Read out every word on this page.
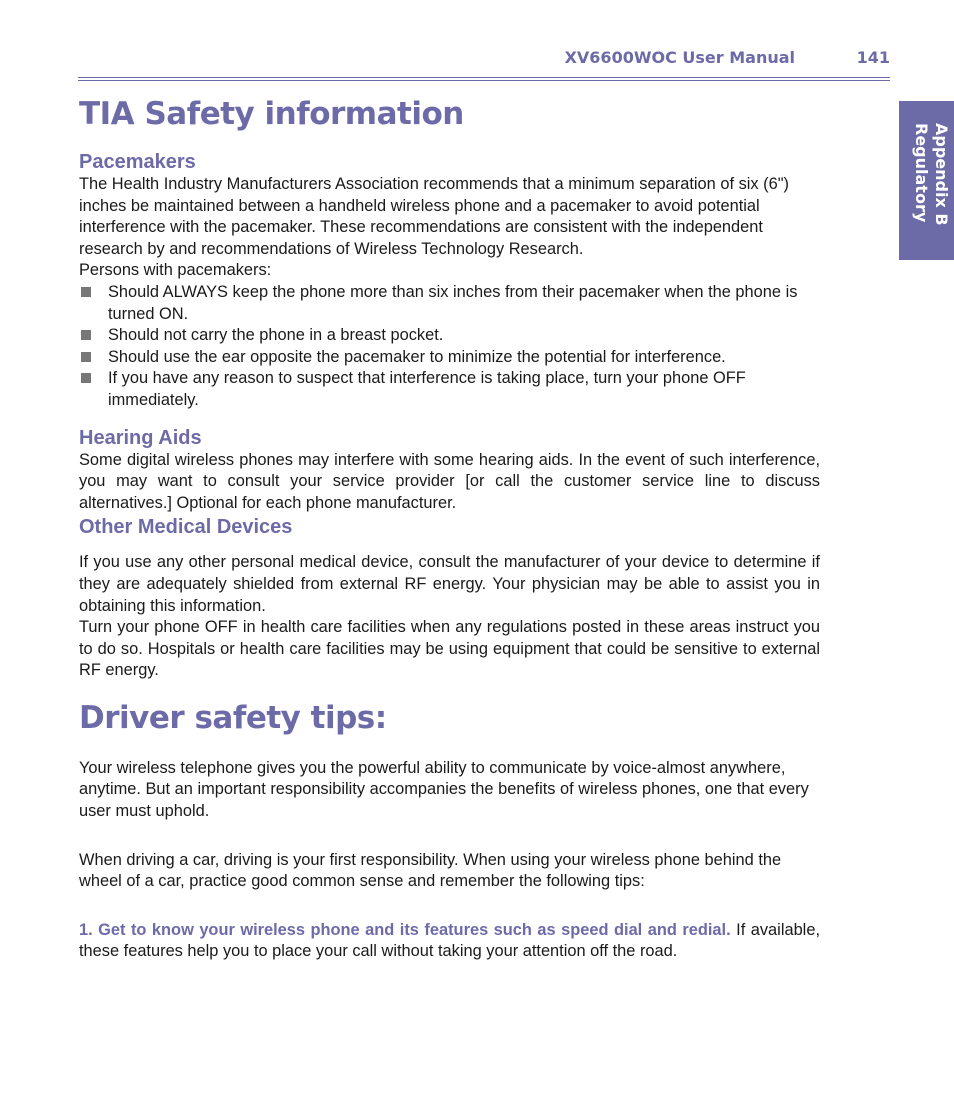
XV6600WOC User Manual	141
Appendix B
Regulatory
TIA Safety information
Pacemakers

The Health Industry Manufacturers Association recommends that a minimum separation of six (6") inches be maintained between a handheld wireless phone and a pacemaker to avoid potential interference with the pacemaker. These recommendations are consistent with the independent research by and recommendations of Wireless Technology Research.

Persons with pacemakers:

Should ALWAYS keep the phone more than six inches from their pacemaker when the phone is turned ON.
Should not carry the phone in a breast pocket.
Should use the ear opposite the pacemaker to minimize the potential for interference.
If you have any reason to suspect that interference is taking place, turn your phone OFF immediately.
Hearing Aids

Some digital wireless phones may interfere with some hearing aids. In the event of such interference, you may want to consult your service provider [or call the customer service line to discuss alternatives.] Optional for each phone manufacturer.

Other Medical Devices

If you use any other personal medical device, consult the manufacturer of your device to determine if they are adequately shielded from external RF energy. Your physician may be able to assist you in obtaining this information.

Turn your phone OFF in health care facilities when any regulations posted in these areas instruct you to do so. Hospitals or health care facilities may be using equipment that could be sensitive to external RF energy.

Driver safety tips:

Your wireless telephone gives you the powerful ability to communicate by voice-almost anywhere, anytime. But an important responsibility accompanies the benefits of wireless phones, one that every user must uphold.

When driving a car, driving is your first responsibility. When using your wireless phone behind the wheel of a car, practice good common sense and remember the following tips:

1. Get to know your wireless phone and its features such as speed dial and redial. If available, these features help you to place your call without taking your attention off the road.
